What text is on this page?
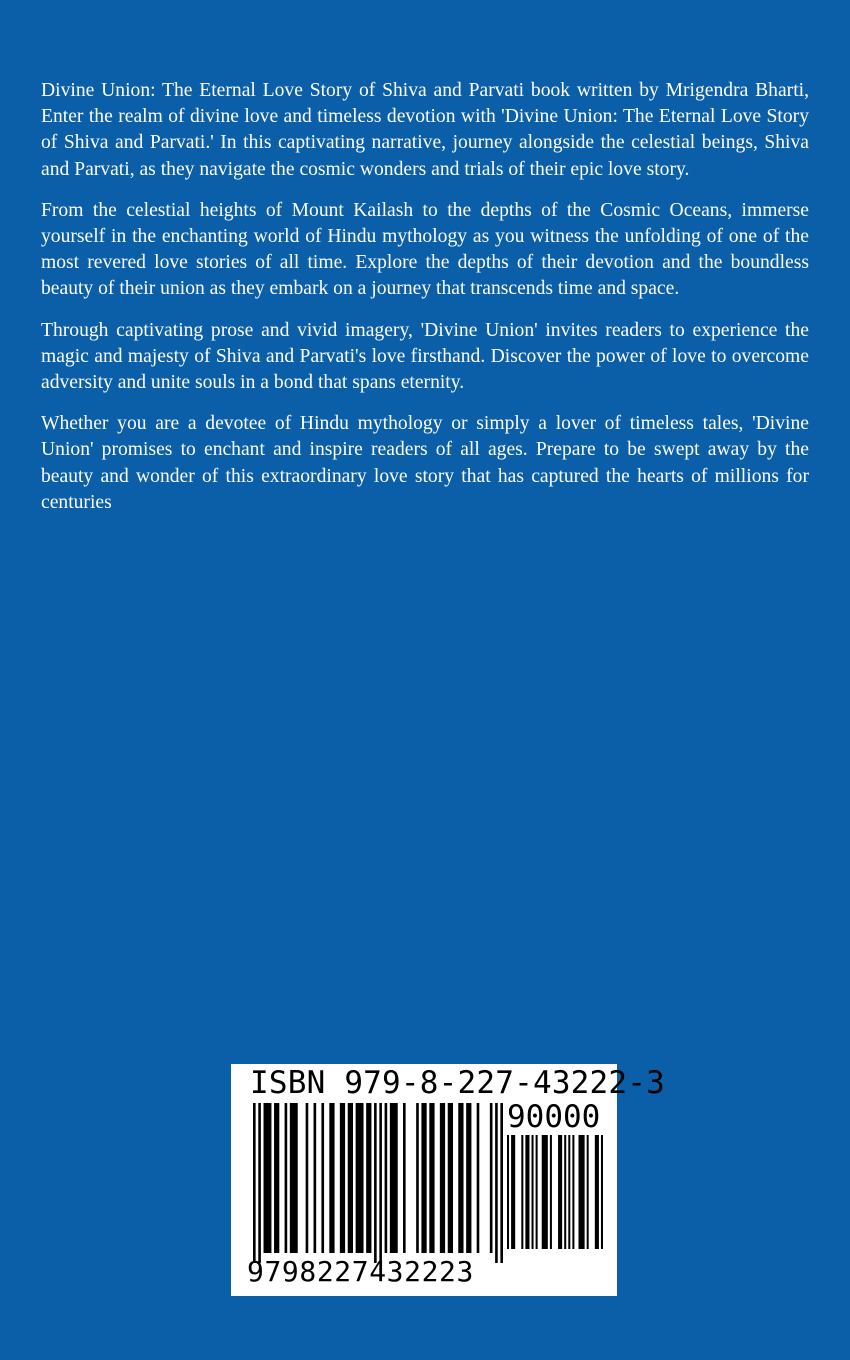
Divine Union: The Eternal Love Story of Shiva and Parvati book written by Mrigendra Bharti, Enter the realm of divine love and timeless devotion with 'Divine Union: The Eternal Love Story of Shiva and Parvati.' In this captivating narrative, journey alongside the celestial beings, Shiva and Parvati, as they navigate the cosmic wonders and trials of their epic love story.

From the celestial heights of Mount Kailash to the depths of the Cosmic Oceans, immerse yourself in the enchanting world of Hindu mythology as you witness the unfolding of one of the most revered love stories of all time. Explore the depths of their devotion and the boundless beauty of their union as they embark on a journey that transcends time and space.

Through captivating prose and vivid imagery, 'Divine Union' invites readers to experience the magic and majesty of Shiva and Parvati's love firsthand. Discover the power of love to overcome adversity and unite souls in a bond that spans eternity.

Whether you are a devotee of Hindu mythology or simply a lover of timeless tales, 'Divine Union' promises to enchant and inspire readers of all ages. Prepare to be swept away by the beauty and wonder of this extraordinary love story that has captured the hearts of millions for centuries

ISBN 979-8-227-43222-3
90000
9798227432223
